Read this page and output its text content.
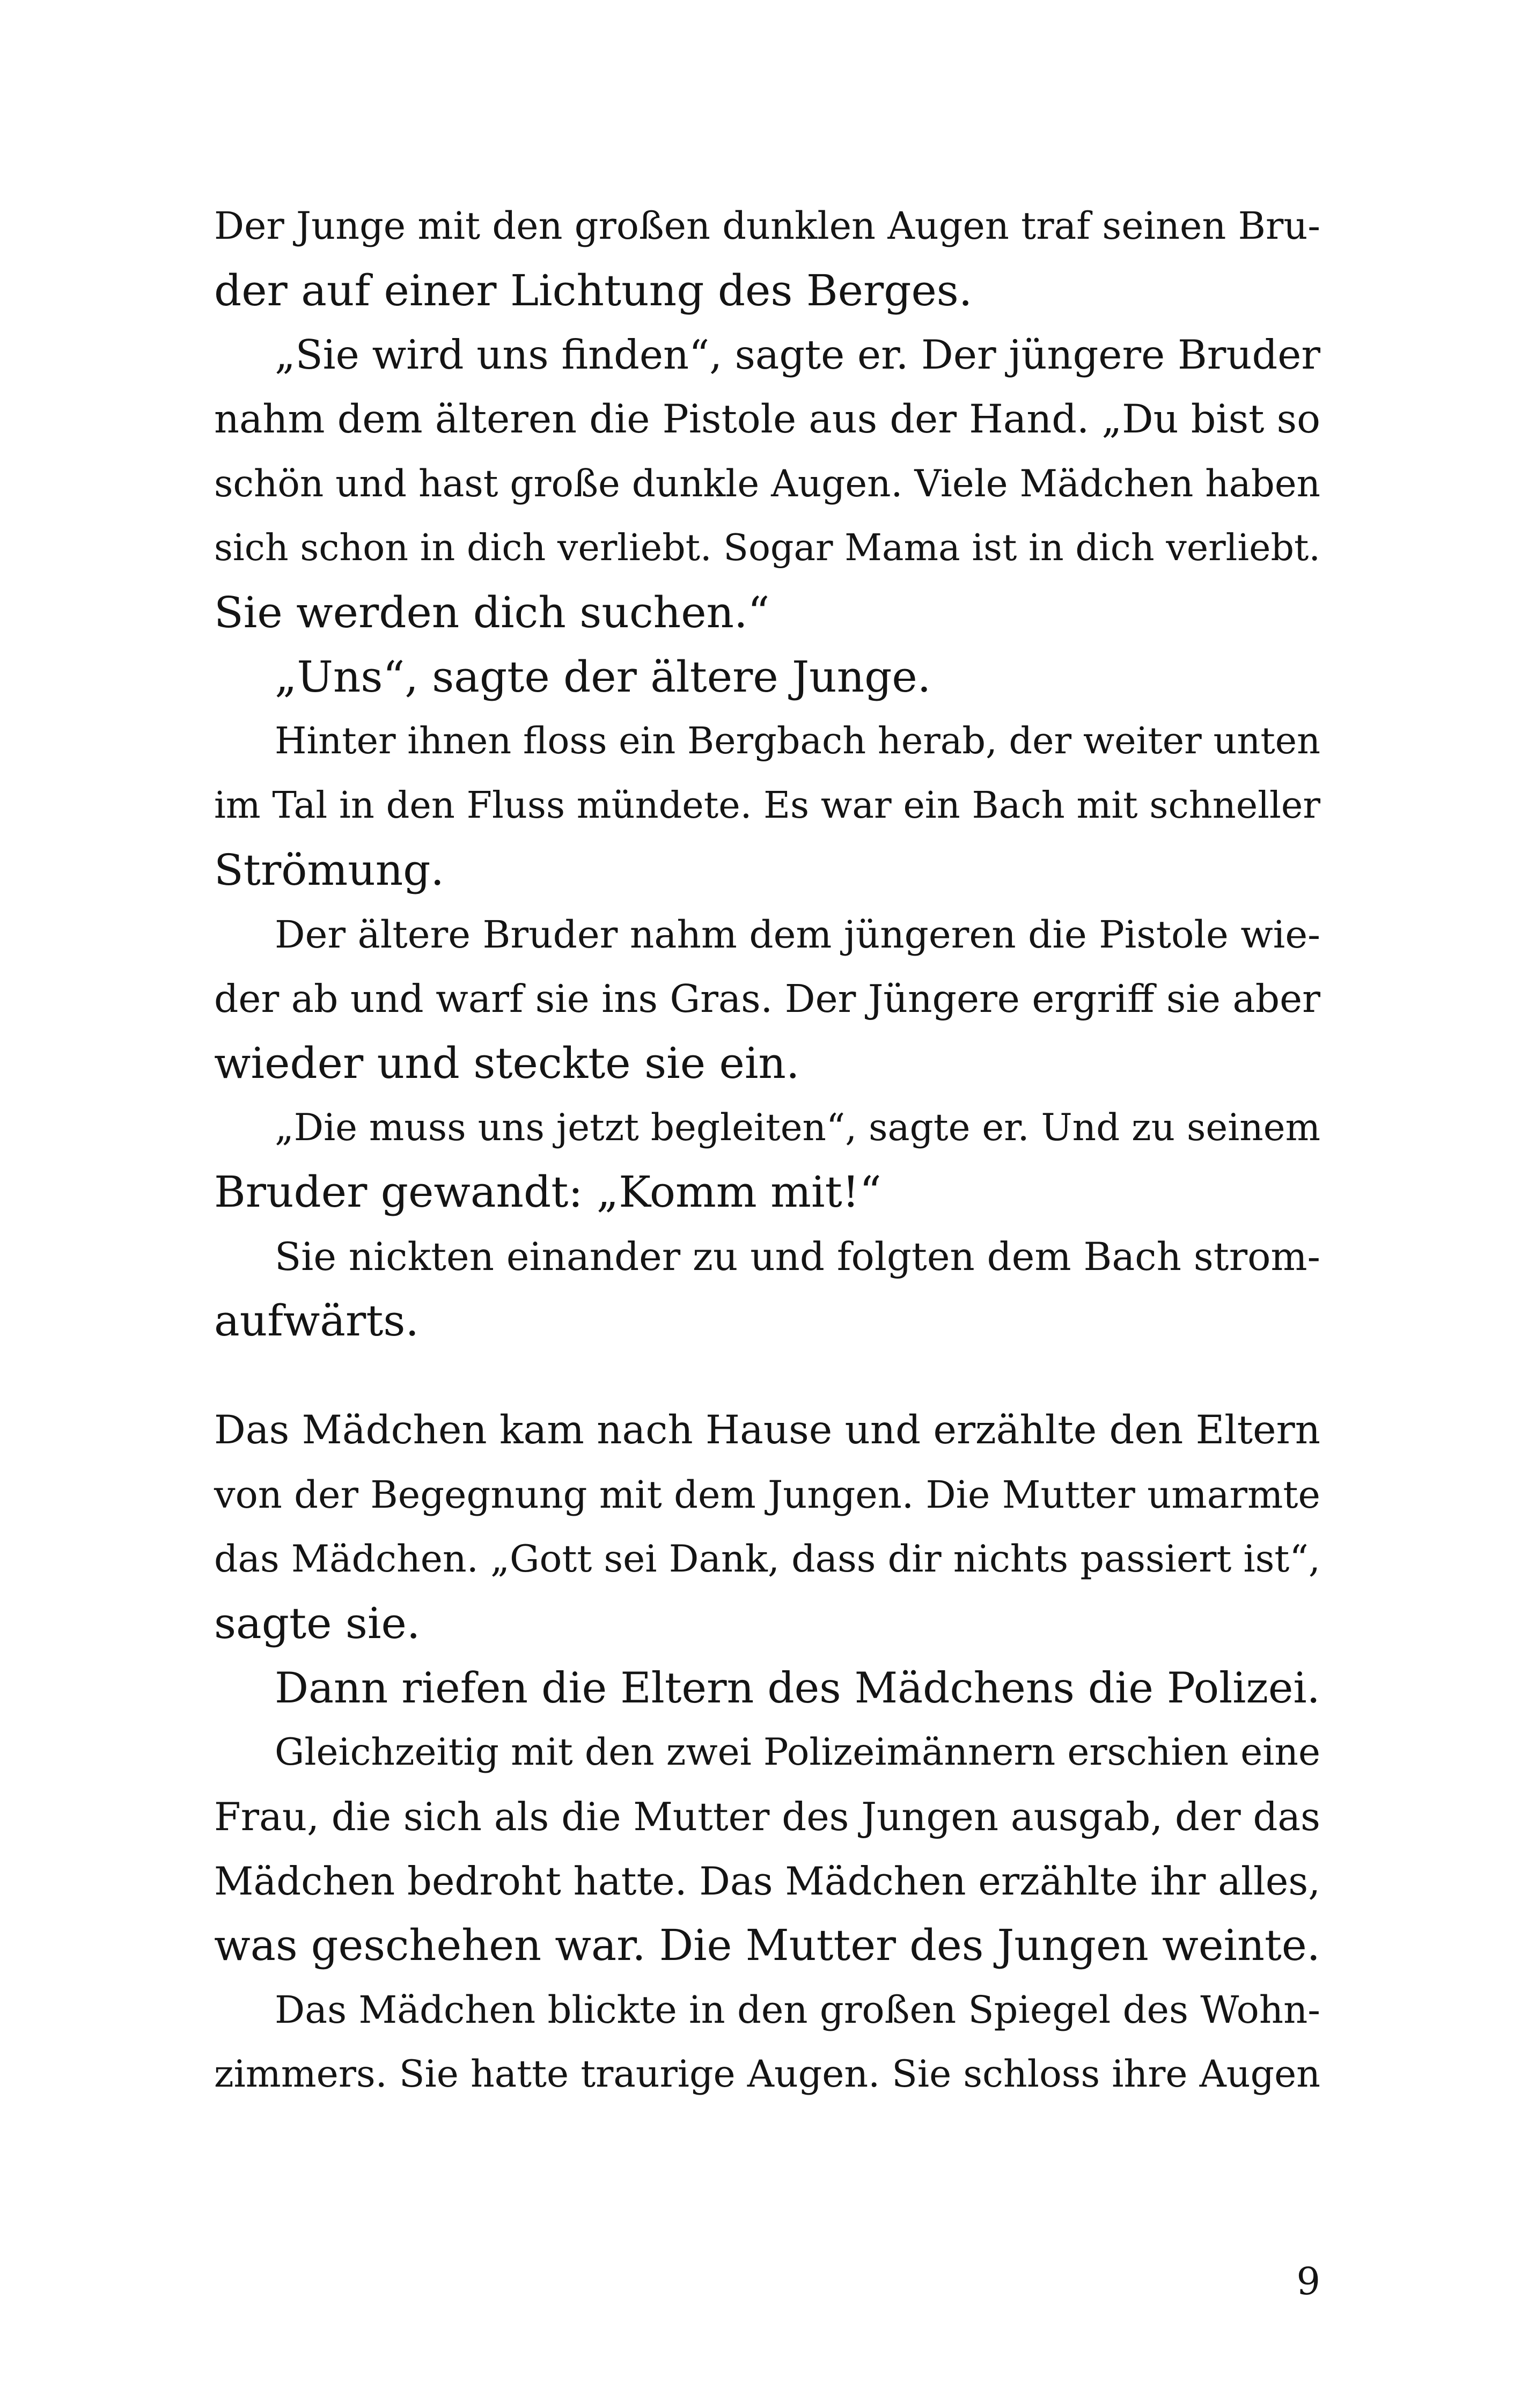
Der Junge mit den großen dunklen Augen traf seinen Bru-
der auf einer Lichtung des Berges.
„Sie wird uns finden“, sagte er. Der jüngere Bruder
nahm dem älteren die Pistole aus der Hand. „Du bist so
schön und hast große dunkle Augen. Viele Mädchen haben
sich schon in dich verliebt. Sogar Mama ist in dich verliebt.
Sie werden dich suchen.“
„Uns“, sagte der ältere Junge.
Hinter ihnen floss ein Bergbach herab, der weiter unten
im Tal in den Fluss mündete. Es war ein Bach mit schneller
Strömung.
Der ältere Bruder nahm dem jüngeren die Pistole wie-
der ab und warf sie ins Gras. Der Jüngere ergriff sie aber
wieder und steckte sie ein.
„Die muss uns jetzt begleiten“, sagte er. Und zu seinem
Bruder gewandt: „Komm mit!“
Sie nickten einander zu und folgten dem Bach strom-
aufwärts.
Das Mädchen kam nach Hause und erzählte den Eltern
von der Begegnung mit dem Jungen. Die Mutter umarmte
das Mädchen. „Gott sei Dank, dass dir nichts passiert ist“,
sagte sie.
Dann riefen die Eltern des Mädchens die Polizei.
Gleichzeitig mit den zwei Polizeimännern erschien eine
Frau, die sich als die Mutter des Jungen ausgab, der das
Mädchen bedroht hatte. Das Mädchen erzählte ihr alles,
was geschehen war. Die Mutter des Jungen weinte.
Das Mädchen blickte in den großen Spiegel des Wohn-
zimmers. Sie hatte traurige Augen. Sie schloss ihre Augen
9
